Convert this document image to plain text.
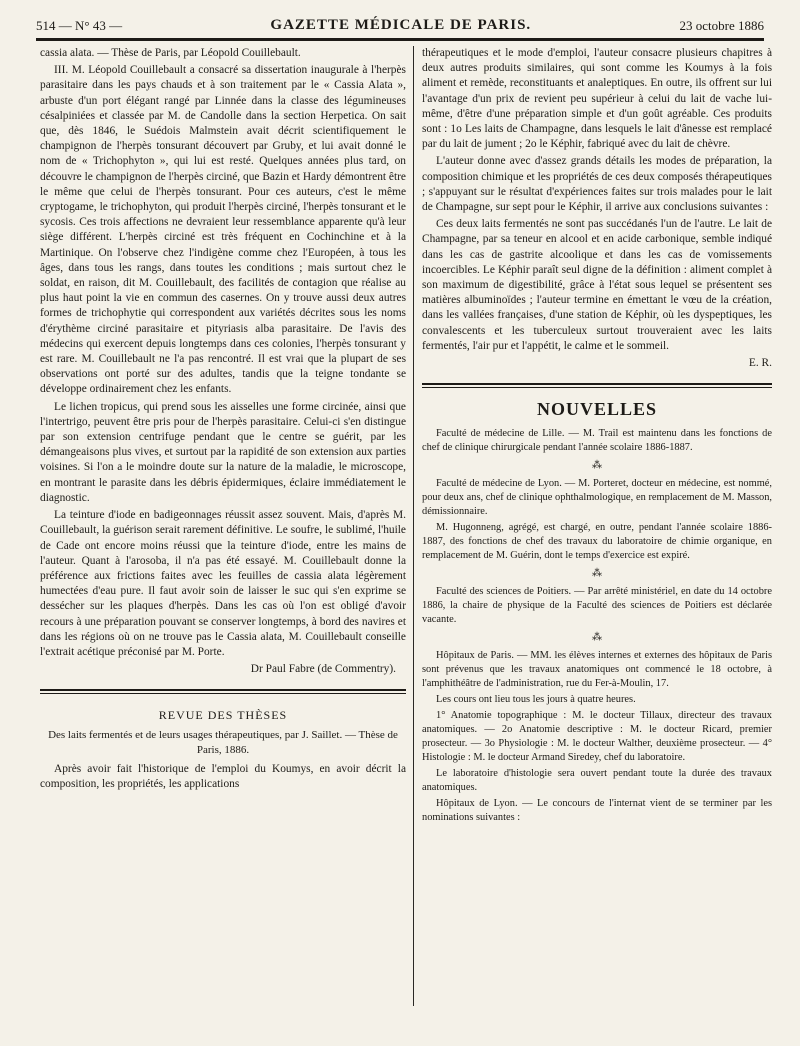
514 — N° 43 —	GAZETTE MÉDICALE DE PARIS.	23 octobre 1886

cassia alata. — Thèse de Paris, par Léopold Couillebault.

III. M. Léopold Couillebault a consacré sa dissertation inaugurale à l'herpès parasitaire dans les pays chauds et à son traitement par le « Cassia Alata », arbuste d'un port élégant rangé par Linnée dans la classe des légumineuses césalpiniées et classée par M. de Candolle dans la section Herpetica. On sait que, dès 1846, le Suédois Malmstein avait décrit scientifiquement le champignon de l'herpès tonsurant découvert par Gruby, et lui avait donné le nom de « Trichophyton », qui lui est resté. Quelques années plus tard, on découvre le champignon de l'herpès circiné, que Bazin et Hardy démontrent être le même que celui de l'herpès tonsurant. Pour ces auteurs, c'est le même cryptogame, le trichophyton, qui produit l'herpès circiné, l'herpès tonsurant et le sycosis. Ces trois affections ne devraient leur ressemblance apparente qu'à leur siège différent. L'herpès circiné est très fréquent en Cochinchine et à la Martinique. On l'observe chez l'indigène comme chez l'Européen, à tous les âges, dans tous les rangs, dans toutes les conditions ; mais surtout chez le soldat, en raison, dit M. Couillebault, des facilités de contagion que réalise au plus haut point la vie en commun des casernes. On y trouve aussi deux autres formes de trichophytie qui correspondent aux variétés décrites sous les noms d'érythème circiné parasitaire et pityriasis alba parasitaire. De l'avis des médecins qui exercent depuis longtemps dans ces colonies, l'herpès tonsurant y est rare. M. Couillebault ne l'a pas rencontré. Il est vrai que la plupart de ses observations ont porté sur des adultes, tandis que la teigne tondante se développe ordinairement chez les enfants.

Le lichen tropicus, qui prend sous les aisselles une forme circinée, ainsi que l'intertrigo, peuvent être pris pour de l'herpès parasitaire. Celui-ci s'en distingue par son extension centrifuge pendant que le centre se guérit, par les démangeaisons plus vives, et surtout par la rapidité de son extension aux parties voisines. Si l'on a le moindre doute sur la nature de la maladie, le microscope, en montrant le parasite dans les débris épidermiques, éclaire immédiatement le diagnostic.

La teinture d'iode en badigeonnages réussit assez souvent. Mais, d'après M. Couillebault, la guérison serait rarement définitive. Le soufre, le sublimé, l'huile de Cade ont encore moins réussi que la teinture d'iode, entre les mains de l'auteur. Quant à l'arosoba, il n'a pas été essayé. M. Couillebault donne la préférence aux frictions faites avec les feuilles de cassia alata légèrement humectées d'eau pure. Il faut avoir soin de laisser le suc qui s'en exprime se dessécher sur les plaques d'herpès. Dans les cas où l'on est obligé d'avoir recours à une préparation pouvant se conserver longtemps, à bord des navires et dans les régions où on ne trouve pas le Cassia alata, M. Couillebault conseille l'extrait acétique préconisé par M. Porte.

Dr Paul Fabre (de Commentry).
REVUE DES THÈSES
Des laits fermentés et de leurs usages thérapeutiques, par J. Saillet. — Thèse de Paris, 1886.

Après avoir fait l'historique de l'emploi du Koumys, en avoir décrit la composition, les propriétés, les applications

thérapeutiques et le mode d'emploi, l'auteur consacre plusieurs chapitres à deux autres produits similaires, qui sont comme les Koumys à la fois aliment et remède, reconstituants et analeptiques. En outre, ils offrent sur lui l'avantage d'un prix de revient peu supérieur à celui du lait de vache lui-même, d'être d'une préparation simple et d'un goût agréable. Ces produits sont : 1o Les laits de Champagne, dans lesquels le lait d'ânesse est remplacé par du lait de jument ; 2o le Képhir, fabriqué avec du lait de chèvre.

L'auteur donne avec d'assez grands détails les modes de préparation, la composition chimique et les propriétés de ces deux composés thérapeutiques ; s'appuyant sur le résultat d'expériences faites sur trois malades pour le lait de Champagne, sur sept pour le Képhir, il arrive aux conclusions suivantes :

Ces deux laits fermentés ne sont pas succédanés l'un de l'autre. Le lait de Champagne, par sa teneur en alcool et en acide carbonique, semble indiqué dans les cas de gastrite alcoolique et dans les cas de vomissements incoercibles. Le Képhir paraît seul digne de la définition : aliment complet à son maximum de digestibilité, grâce à l'état sous lequel se présentent ses matières albuminoïdes ; l'auteur termine en émettant le vœu de la création, dans les vallées françaises, d'une station de Képhir, où les dyspeptiques, les convalescents et les tuberculeux surtout trouveraient avec les laits fermentés, l'air pur et l'appétit, le calme et le sommeil.

E. R.
NOUVELLES

Faculté de médecine de Lille. — M. Trail est maintenu dans les fonctions de chef de clinique chirurgicale pendant l'année scolaire 1886-1887.

⁂

Faculté de médecine de Lyon. — M. Porteret, docteur en médecine, est nommé, pour deux ans, chef de clinique ophthalmologique, en remplacement de M. Masson, démissionnaire.

M. Hugonneng, agrégé, est chargé, en outre, pendant l'année scolaire 1886-1887, des fonctions de chef des travaux du laboratoire de chimie organique, en remplacement de M. Guérin, dont le temps d'exercice est expiré.

⁂

Faculté des sciences de Poitiers. — Par arrêté ministériel, en date du 14 octobre 1886, la chaire de physique de la Faculté des sciences de Poitiers est déclarée vacante.

⁂

Hôpitaux de Paris. — MM. les élèves internes et externes des hôpitaux de Paris sont prévenus que les travaux anatomiques ont commencé le 18 octobre, à l'amphithéâtre de l'administration, rue du Fer-à-Moulin, 17.

Les cours ont lieu tous les jours à quatre heures.

1° Anatomie topographique : M. le docteur Tillaux, directeur des travaux anatomiques. — 2o Anatomie descriptive : M. le docteur Ricard, premier prosecteur. — 3o Physiologie : M. le docteur Walther, deuxième prosecteur. — 4° Histologie : M. le docteur Armand Siredey, chef du laboratoire.

Le laboratoire d'histologie sera ouvert pendant toute la durée des travaux anatomiques.

Hôpitaux de Lyon. — Le concours de l'internat vient de se terminer par les nominations suivantes :
